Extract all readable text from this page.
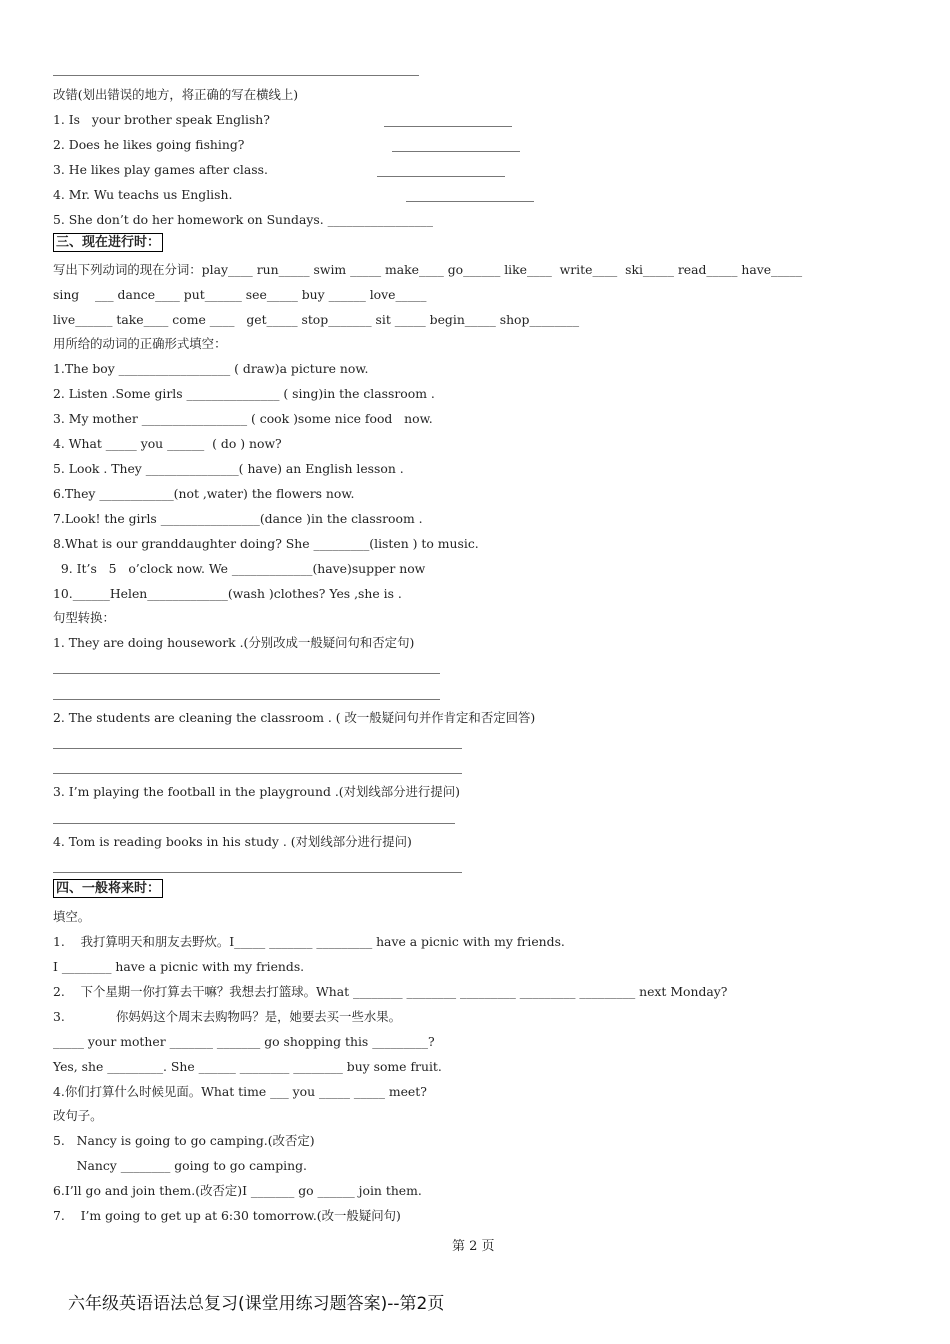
改错(划出错误的地方，将正确的写在横线上)
1. Is   your brother speak English?
2. Does he likes going fishing?
3. He likes play games after class.
4. Mr. Wu teachs us English.
5. She don’t do her homework on Sundays. _________________
三、现在进行时：
写出下列动词的现在分词：play____ run_____ swim _____ make____ go______ like____  write____  ski_____ read_____ have_____
sing    ___ dance____ put______ see_____ buy ______ love_____
live______ take____ come ____   get_____ stop_______ sit _____ begin_____ shop________
用所给的动词的正确形式填空：
1.The boy __________________ ( draw)a picture now.
2. Listen .Some girls _______________ ( sing)in the classroom .
3. My mother _________________ ( cook )some nice food   now.
4. What _____ you ______  ( do ) now?
5. Look . They _______________( have) an English lesson .
6.They ____________(not ,water) the flowers now.
7.Look! the girls ________________(dance )in the classroom .
8.What is our granddaughter doing? She _________(listen ) to music.
9. It’s   5   o’clock now. We _____________(have)supper now
10.______Helen_____________(wash )clothes? Yes ,she is .
句型转换：
1. They are doing housework .(分别改成一般疑问句和否定句)
2. The students are cleaning the classroom . ( 改一般疑问句并作肯定和否定回答)
3. I’m playing the football in the playground .(对划线部分进行提问)
4. Tom is reading books in his study . (对划线部分进行提问)
四、一般将来时：
填空。
1.    我打算明天和朋友去野炊。I_____ _______ _________ have a picnic with my friends.
I ________ have a picnic with my friends.
2.    下个星期一你打算去干嘛？我想去打篮球。What ________ ________ _________ _________ _________ next Monday?
3.             你妈妈这个周末去购物吗？是，她要去买一些水果。
_____ your mother _______ _______ go shopping this _________?
Yes, she _________. She ______ ________ ________ buy some fruit.
4.你们打算什么时候见面。What time ___ you _____ _____ meet?
改句子。
5.   Nancy is going to go camping.(改否定)
Nancy ________ going to go camping.
6.I’ll go and join them.(改否定)I _______ go ______ join them.
7.    I’m going to get up at 6:30 tomorrow.(改一般疑问句)
第 2 页
六年级英语语法总复习(课堂用练习题答案)--第2页
